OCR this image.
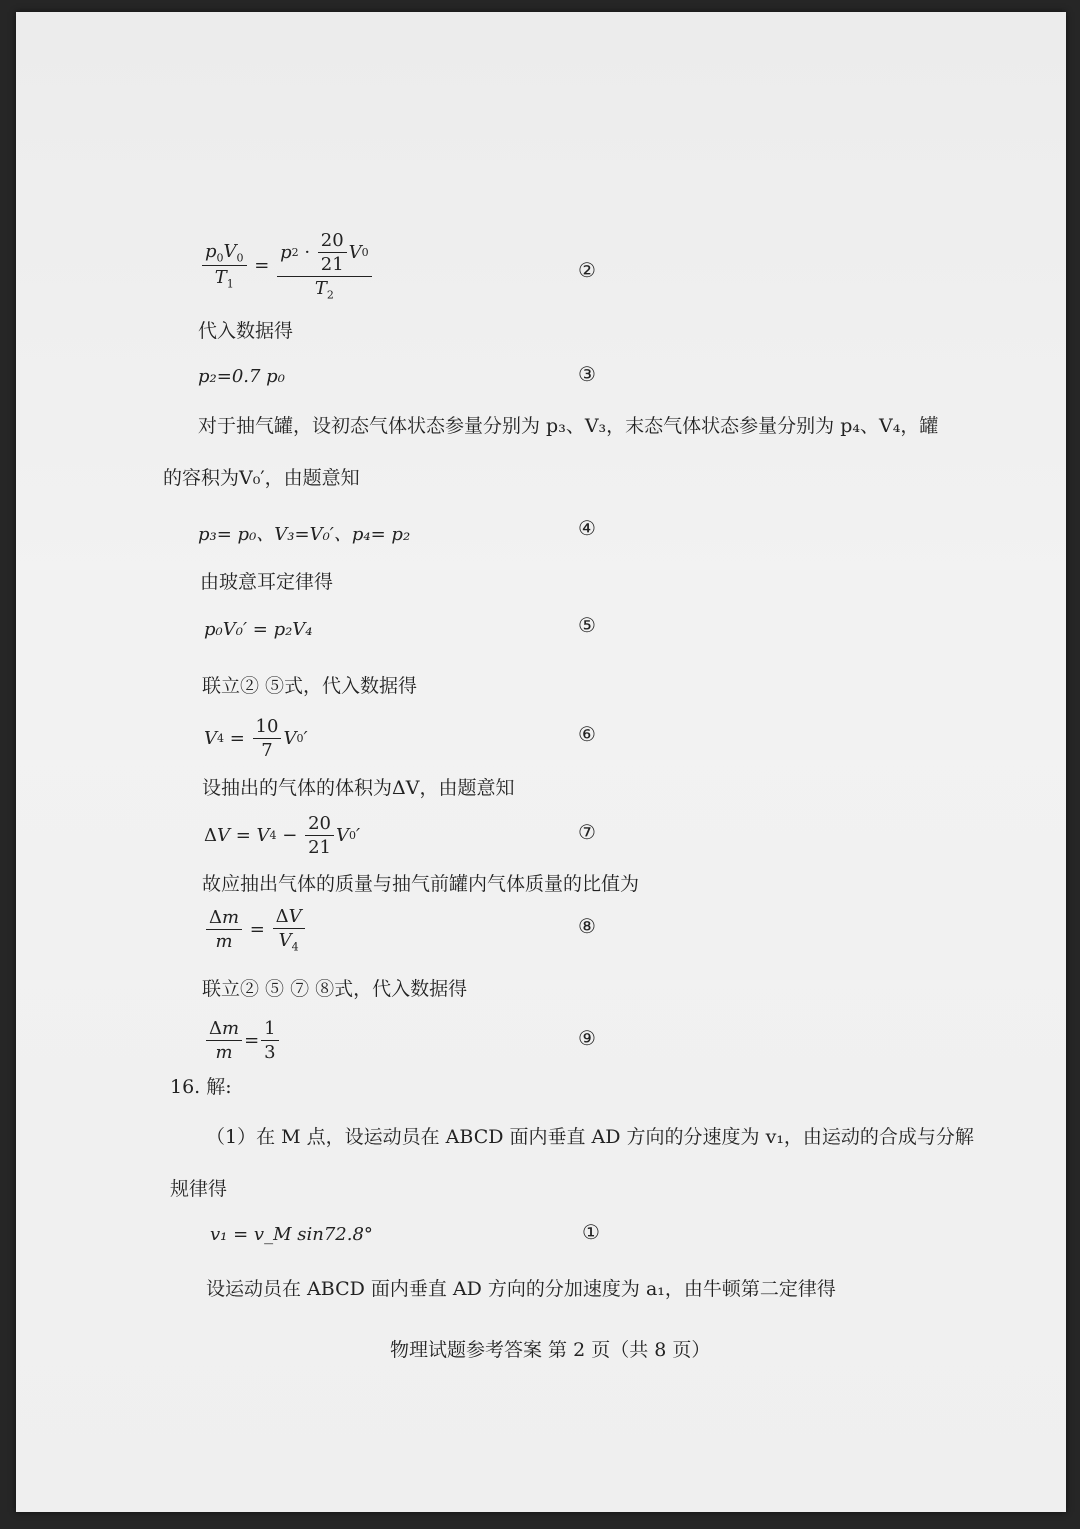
$\frac{p_0V_0}{T_1} = \frac{p 2 \cdot \frac{20}{21} V 0}{T_2}$	②
代入数据得
p₂=0.7 p₀	③
对于抽气罐，设初态气体状态参量分别为 p₃、V₃，末态气体状态参量分别为 p₄、V₄，罐
的容积为V₀′，由题意知
p₃= p₀、V₃=V₀′、p₄= p₂	④
由玻意耳定律得
p₀V₀′ = p₂V₄	⑤
联立② ⑤式，代入数据得
V $4 = \frac{10}{7}$ V 0 ′	⑥
设抽出的气体的体积为ΔV，由题意知
Δ V = V $4 - \frac{20}{21}$ V 0 ′	⑦
故应抽出气体的质量与抽气前罐内气体质量的比值为
$\frac{\Delta m}{m} = \frac{\Delta V}{V_4}$	⑧
联立② ⑤ ⑦ ⑧式，代入数据得
$\frac{\Delta m}{m} = \frac{1}{3}$	⑨
16. 解:
（1）在 M 点，设运动员在 ABCD 面内垂直 AD 方向的分速度为 v₁，由运动的合成与分解
规律得
v₁ = v_M sin72.8°	①
设运动员在 ABCD 面内垂直 AD 方向的分加速度为 a₁，由牛顿第二定律得
物理试题参考答案 第 2 页（共 8 页）
